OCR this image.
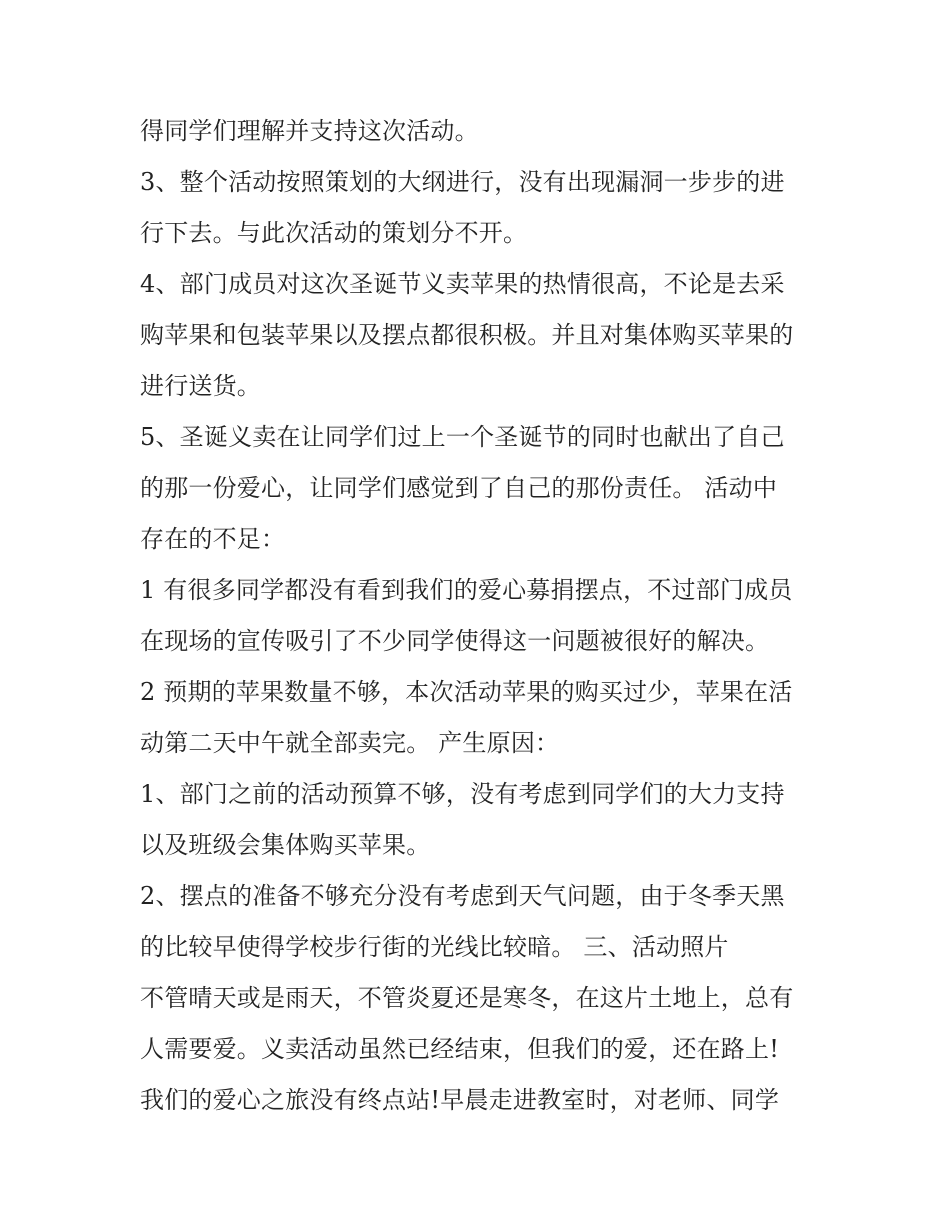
得同学们理解并支持这次活动。
3、整个活动按照策划的大纲进行，没有出现漏洞一步步的进
行下去。与此次活动的策划分不开。
4、部门成员对这次圣诞节义卖苹果的热情很高，不论是去采
购苹果和包装苹果以及摆点都很积极。并且对集体购买苹果的
进行送货。
5、圣诞义卖在让同学们过上一个圣诞节的同时也献出了自己
的那一份爱心，让同学们感觉到了自己的那份责任。 活动中
存在的不足：
1 有很多同学都没有看到我们的爱心募捐摆点，不过部门成员
在现场的宣传吸引了不少同学使得这一问题被很好的解决。
2 预期的苹果数量不够，本次活动苹果的购买过少，苹果在活
动第二天中午就全部卖完。 产生原因：
1、部门之前的活动预算不够，没有考虑到同学们的大力支持
以及班级会集体购买苹果。
2、摆点的准备不够充分没有考虑到天气问题，由于冬季天黑
的比较早使得学校步行街的光线比较暗。 三、活动照片
不管晴天或是雨天，不管炎夏还是寒冬，在这片土地上，总有
人需要爱。义卖活动虽然已经结束，但我们的爱，还在路上!
我们的爱心之旅没有终点站!早晨走进教室时，对老师、同学
